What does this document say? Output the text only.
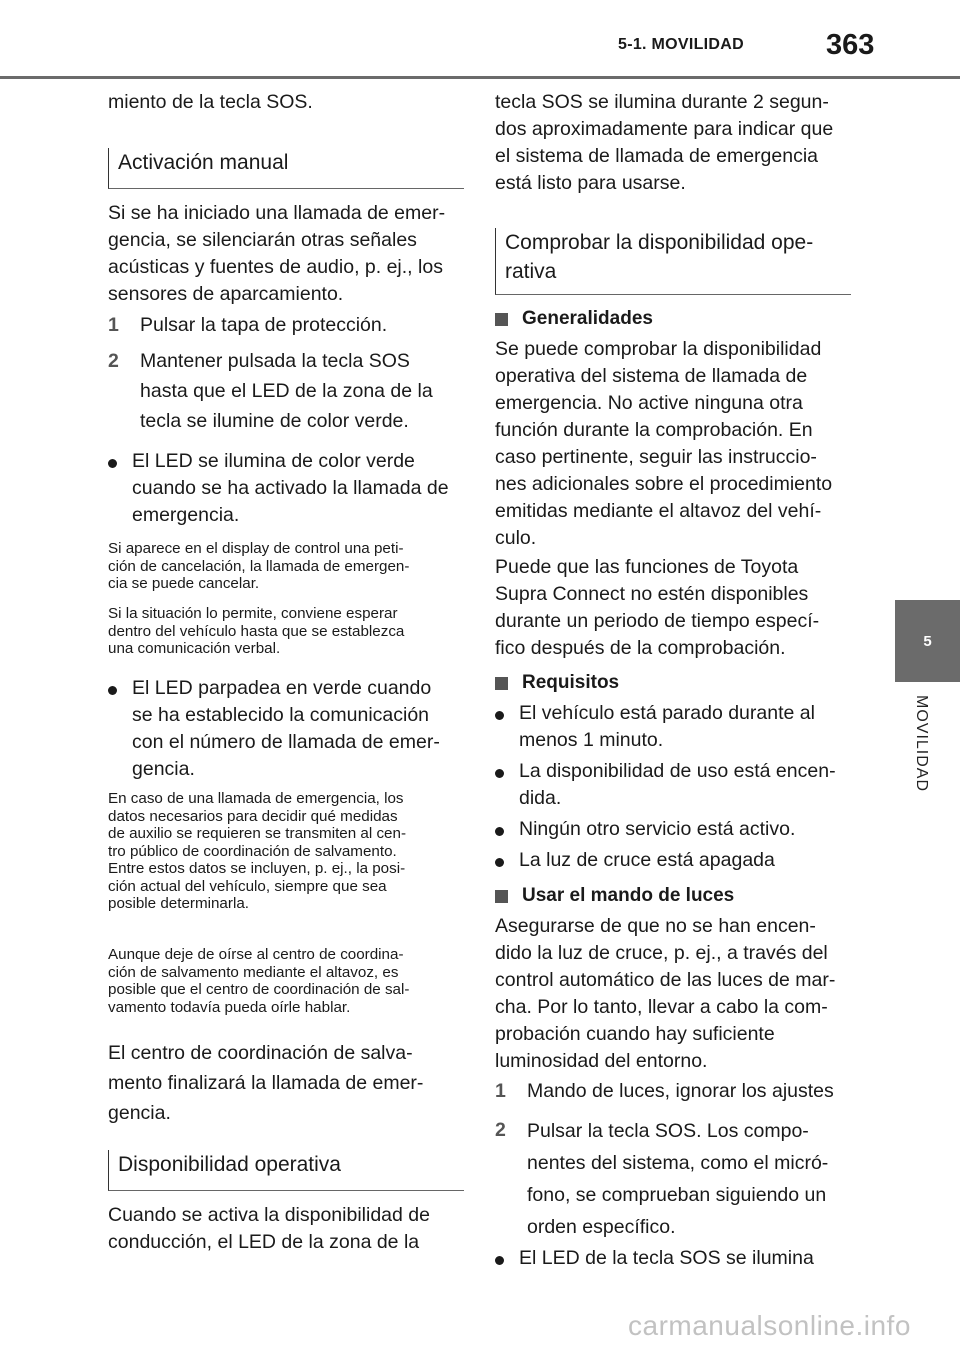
5-1. MOVILIDAD	363
5
MOVILIDAD

miento de la tecla SOS.

Activación manual

Si se ha iniciado una llamada de emer-
gencia, se silenciarán otras señales
acústicas y fuentes de audio, p. ej., los
sensores de aparcamiento.

1 Pulsar la tapa de protección.
2 Mantener pulsada la tecla SOS
hasta que el LED de la zona de la
tecla se ilumine de color verde.
El LED se ilumina de color verde
cuando se ha activado la llamada de
emergencia.

Si aparece en el display de control una peti-
ción de cancelación, la llamada de emergen-
cia se puede cancelar.

Si la situación lo permite, conviene esperar
dentro del vehículo hasta que se establezca
una comunicación verbal.

El LED parpadea en verde cuando
se ha establecido la comunicación
con el número de llamada de emer-
gencia.

En caso de una llamada de emergencia, los
datos necesarios para decidir qué medidas
de auxilio se requieren se transmiten al cen-
tro público de coordinación de salvamento.
Entre estos datos se incluyen, p. ej., la posi-
ción actual del vehículo, siempre que sea
posible determinarla.

Aunque deje de oírse al centro de coordina-
ción de salvamento mediante el altavoz, es
posible que el centro de coordinación de sal-
vamento todavía pueda oírle hablar.

El centro de coordinación de salva-
mento finalizará la llamada de emer-
gencia.

Disponibilidad operativa

Cuando se activa la disponibilidad de
conducción, el LED de la zona de la

tecla SOS se ilumina durante 2 segun-
dos aproximadamente para indicar que
el sistema de llamada de emergencia
está listo para usarse.

Comprobar la disponibilidad ope-
rativa
Generalidades

Se puede comprobar la disponibilidad
operativa del sistema de llamada de
emergencia. No active ninguna otra
función durante la comprobación. En
caso pertinente, seguir las instruccio-
nes adicionales sobre el procedimiento
emitidas mediante el altavoz del vehí-
culo.

Puede que las funciones de Toyota
Supra Connect no estén disponibles
durante un periodo de tiempo especí-
fico después de la comprobación.

Requisitos
El vehículo está parado durante al
menos 1 minuto.
La disponibilidad de uso está encen-
dida.
Ningún otro servicio está activo.
La luz de cruce está apagada
Usar el mando de luces

Asegurarse de que no se han encen-
dido la luz de cruce, p. ej., a través del
control automático de las luces de mar-
cha. Por lo tanto, llevar a cabo la com-
probación cuando hay suficiente
luminosidad del entorno.

1 Mando de luces, ignorar los ajustes
2 Pulsar la tecla SOS. Los compo-
nentes del sistema, como el micró-
fono, se comprueban siguiendo un
orden específico.
El LED de la tecla SOS se ilumina
carmanualsonline.info
